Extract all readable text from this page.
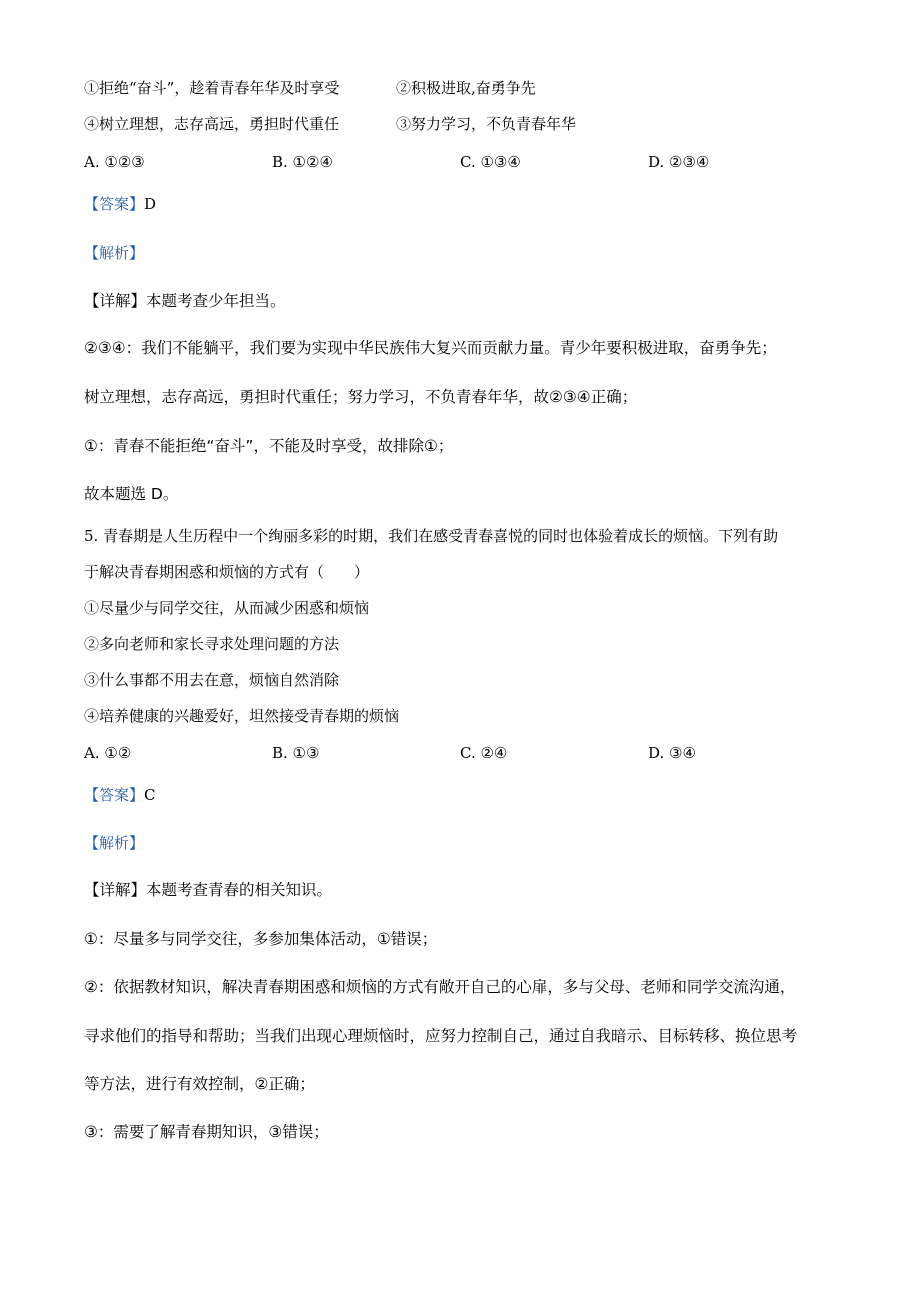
①拒绝“奋斗”，趁着青春年华及时享受	②积极进取,奋勇争先
④树立理想，志存高远，勇担时代重任	③努力学习，不负青春年华
A. ①②③	B. ①②④	C. ①③④	D. ②③④
【答案】D
【解析】
【详解】本题考查少年担当。
②③④：我们不能躺平，我们要为实现中华民族伟大复兴而贡献力量。青少年要积极进取，奋勇争先；
树立理想，志存高远，勇担时代重任；努力学习，不负青春年华，故②③④正确；
①：青春不能拒绝“奋斗”，不能及时享受，故排除①；
故本题选 D。
5. 青春期是人生历程中一个绚丽多彩的时期，我们在感受青春喜悦的同时也体验着成长的烦恼。下列有助
于解决青春期困惑和烦恼的方式有（　　）
①尽量少与同学交往，从而减少困惑和烦恼
②多向老师和家长寻求处理问题的方法
③什么事都不用去在意，烦恼自然消除
④培养健康的兴趣爱好，坦然接受青春期的烦恼
A. ①②	B. ①③	C. ②④	D. ③④
【答案】C
【解析】
【详解】本题考查青春的相关知识。
①：尽量多与同学交往，多参加集体活动，①错误；
②：依据教材知识，解决青春期困惑和烦恼的方式有敞开自己的心扉，多与父母、老师和同学交流沟通，
寻求他们的指导和帮助；当我们出现心理烦恼时，应努力控制自己，通过自我暗示、目标转移、换位思考
等方法，进行有效控制，②正确；
③：需要了解青春期知识，③错误；
